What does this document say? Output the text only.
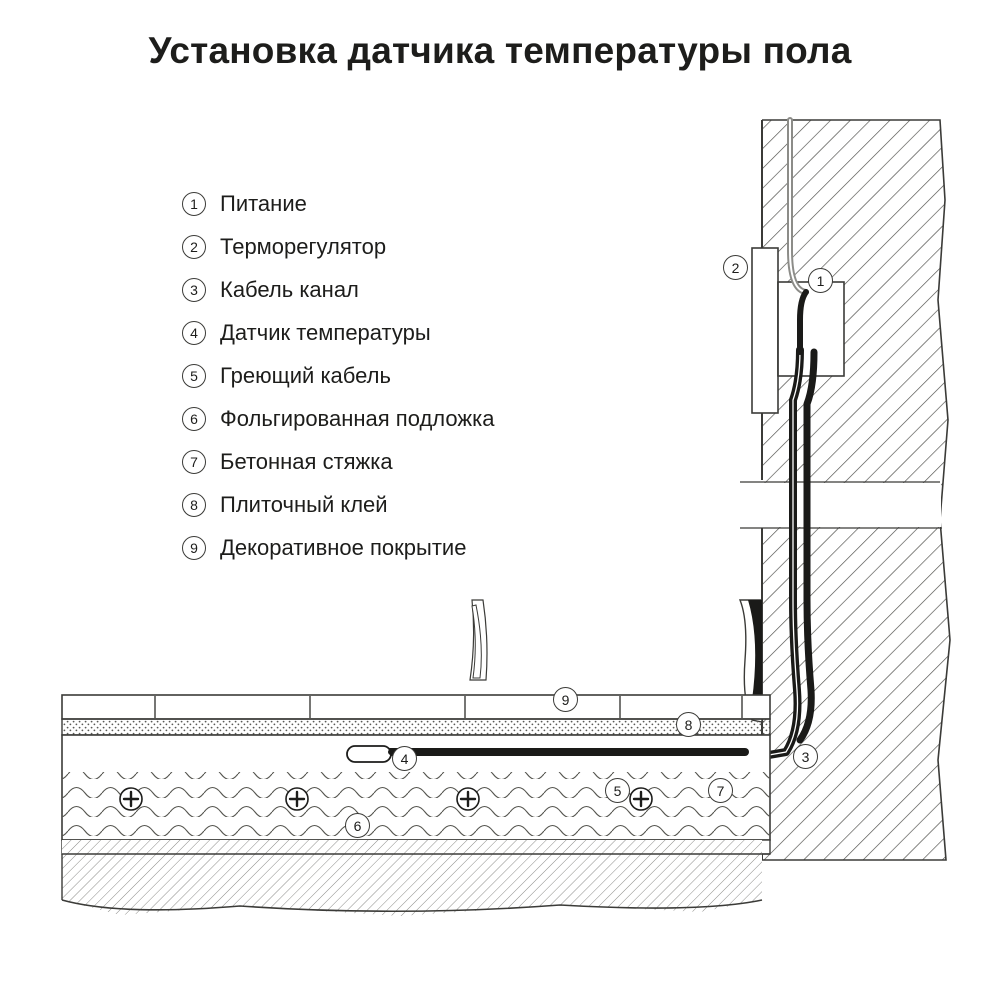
Установка датчика температуры пола
1	Питание
2	Терморегулятор
3	Кабель канал
4	Датчик температуры
5	Греющий кабель
6	Фольгированная подложка
7	Бетонная стяжка
8	Плиточный клей
9	Декоративное покрытие
1
2
3
4
5
6
7
8
9
